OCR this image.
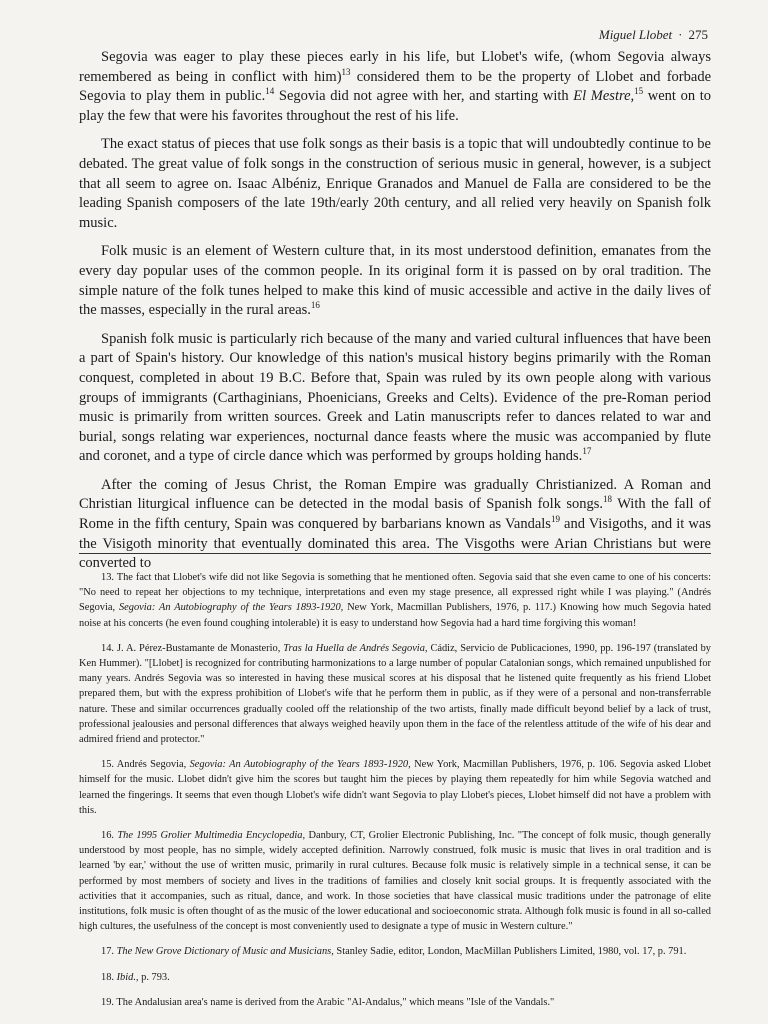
Miguel Llobet · 275

Segovia was eager to play these pieces early in his life, but Llobet's wife, (whom Segovia always remembered as being in conflict with him)$^{13}$ considered them to be the property of Llobet and forbade Segovia to play them in public.$^{14}$ Segovia did not agree with her, and starting with El Mestre,$^{15}$ went on to play the few that were his favorites throughout the rest of his life.

The exact status of pieces that use folk songs as their basis is a topic that will undoubtedly continue to be debated. The great value of folk songs in the construction of serious music in general, however, is a subject that all seem to agree on. Isaac Albéniz, Enrique Granados and Manuel de Falla are considered to be the leading Spanish composers of the late 19th/early 20th century, and all relied very heavily on Spanish folk music.

Folk music is an element of Western culture that, in its most understood definition, emanates from the every day popular uses of the common people. In its original form it is passed on by oral tradition. The simple nature of the folk tunes helped to make this kind of music accessible and active in the daily lives of the masses, especially in the rural areas.$^{16}$

Spanish folk music is particularly rich because of the many and varied cultural influences that have been a part of Spain's history. Our knowledge of this nation's musical history begins primarily with the Roman conquest, completed in about 19 B.C. Before that, Spain was ruled by its own people along with various groups of immigrants (Carthaginians, Phoenicians, Greeks and Celts). Evidence of the pre-Roman period music is primarily from written sources. Greek and Latin manuscripts refer to dances related to war and burial, songs relating war experiences, nocturnal dance feasts where the music was accompanied by flute and coronet, and a type of circle dance which was performed by groups holding hands.$^{17}$

After the coming of Jesus Christ, the Roman Empire was gradually Christianized. A Roman and Christian liturgical influence can be detected in the modal basis of Spanish folk songs.$^{18}$ With the fall of Rome in the fifth century, Spain was conquered by barbarians known as Vandals$^{19}$ and Visigoths, and it was the Visigoth minority that eventually dominated this area. The Visgoths were Arian Christians but were converted to

13. The fact that Llobet's wife did not like Segovia is something that he mentioned often. Segovia said that she even came to one of his concerts: "No need to repeat her objections to my technique, interpretations and even my stage presence, all expressed right while I was playing." (Andrés Segovia, Segovia: An Autobiography of the Years 1893-1920, New York, Macmillan Publishers, 1976, p. 117.) Knowing how much Segovia hated noise at his concerts (he even found coughing intolerable) it is easy to understand how Segovia had a hard time forgiving this woman!

14. J. A. Pérez-Bustamante de Monasterio, Tras la Huella de Andrés Segovia, Cádiz, Servicio de Publicaciones, 1990, pp. 196-197 (translated by Ken Hummer). "[Llobet] is recognized for contributing harmonizations to a large number of popular Catalonian songs, which remained unpublished for many years. Andrés Segovia was so interested in having these musical scores at his disposal that he listened quite frequently as his friend Llobet prepared them, but with the express prohibition of Llobet's wife that he perform them in public, as if they were of a personal and non-transferrable nature. These and similar occurrences gradually cooled off the relationship of the two artists, finally made difficult beyond belief by a lack of trust, professional jealousies and personal differences that always weighed heavily upon them in the face of the relentless attitude of the wife of his dear and admired friend and protector."

15. Andrés Segovia, Segovia: An Autobiography of the Years 1893-1920, New York, Macmillan Publishers, 1976, p. 106. Segovia asked Llobet himself for the music. Llobet didn't give him the scores but taught him the pieces by playing them repeatedly for him while Segovia watched and learned the fingerings. It seems that even though Llobet's wife didn't want Segovia to play Llobet's pieces, Llobet himself did not have a problem with this.

16. The 1995 Grolier Multimedia Encyclopedia, Danbury, CT, Grolier Electronic Publishing, Inc. "The concept of folk music, though generally understood by most people, has no simple, widely accepted definition. Narrowly construed, folk music is music that lives in oral tradition and is learned 'by ear,' without the use of written music, primarily in rural cultures. Because folk music is relatively simple in a technical sense, it can be performed by most members of society and lives in the traditions of families and closely knit social groups. It is frequently associated with the activities that it accompanies, such as ritual, dance, and work. In those societies that have classical music traditions under the patronage of elite institutions, folk music is often thought of as the music of the lower educational and socioeconomic strata. Although folk music is found in all so-called high cultures, the usefulness of the concept is most conveniently used to designate a type of music in Western culture."

17. The New Grove Dictionary of Music and Musicians, Stanley Sadie, editor, London, MacMillan Publishers Limited, 1980, vol. 17, p. 791.

18. Ibid., p. 793.

19. The Andalusian area's name is derived from the Arabic "Al-Andalus," which means "Isle of the Vandals."
